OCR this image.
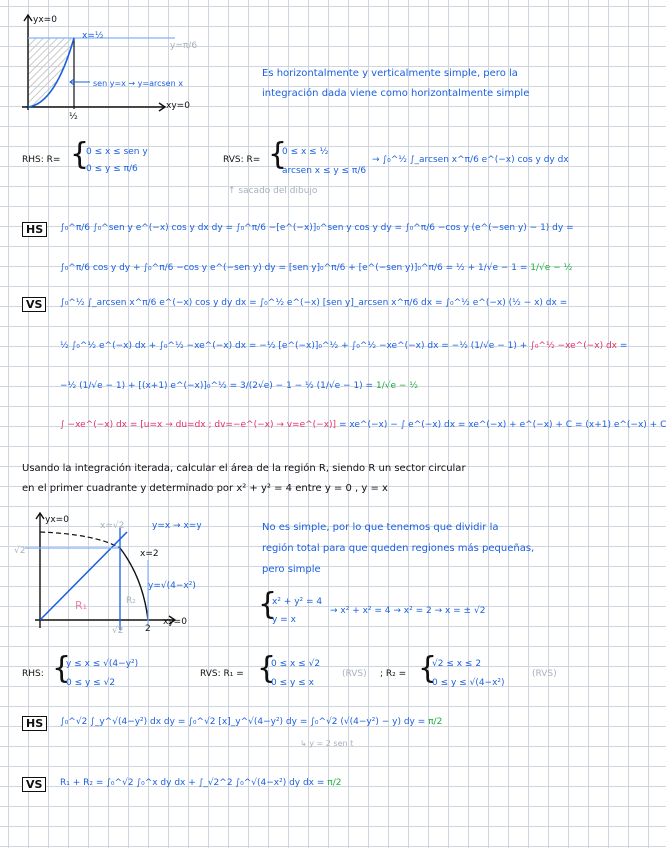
yx=0
x=½
y=π/6
sen y=x → y=arcsen x
xy=0
½
Es horizontalmente y verticalmente simple, pero la
integración dada viene como horizontalmente simple
RHS: R= {
0 ≤ x ≤ sen y
0 ≤ y ≤ π/6
RVS: R= {
0 ≤ x ≤ ½
arcsen x ≤ y ≤ π/6
→ ∫₀^½ ∫_arcsen x^π/6 e^(−x) cos y dy dx
↑ sacado del dibujo
HS	∫₀^π/6 ∫₀^sen y e^(−x) cos y dx dy = ∫₀^π/6 −[e^(−x)]₀^sen y cos y dy = ∫₀^π/6 −cos y (e^(−sen y) − 1) dy =
∫₀^π/6 cos y dy + ∫₀^π/6 −cos y e^(−sen y) dy = [sen y]₀^π/6 + [e^(−sen y)]₀^π/6 = ½ + 1/√e − 1 = 1/√e − ½
VS	∫₀^½ ∫_arcsen x^π/6 e^(−x) cos y dy dx = ∫₀^½ e^(−x) [sen y]_arcsen x^π/6 dx = ∫₀^½ e^(−x) (½ − x) dx =
½ ∫₀^½ e^(−x) dx + ∫₀^½ −xe^(−x) dx = −½ [e^(−x)]₀^½ + ∫₀^½ −xe^(−x) dx = −½ (1/√e − 1) + ∫₀^½ −xe^(−x) dx =
−½ (1/√e − 1) + [(x+1) e^(−x)]₀^½ = 3/(2√e) − 1 − ½ (1/√e − 1) = 1/√e − ½
∫ −xe^(−x) dx = [u=x → du=dx ; dv=−e^(−x) → v=e^(−x)] = xe^(−x) − ∫ e^(−x) dx = xe^(−x) + e^(−x) + C = (x+1) e^(−x) + C
Usando la integración iterada, calcular el área de la región R, siendo R un sector circular
en el primer cuadrante y determinado por x² + y² = 4 entre y = 0 , y = x
yx=0
x=√2	y=x → x=y
x=2
y=√(4−x²)
√2
√2 2
xy=0
R₁	R₂
No es simple, por lo que tenemos que dividir la
región total para que queden regiones más pequeñas,
pero simple
{
x² + y² = 4
y = x
→ x² + x² = 4 → x² = 2 → x = ± √2
RHS: {
y ≤ x ≤ √(4−y²)
0 ≤ y ≤ √2
RVS: R₁ = {
0 ≤ x ≤ √2
0 ≤ y ≤ x
(RVS) ; R₂ = {
√2 ≤ x ≤ 2
0 ≤ y ≤ √(4−x²)
(RVS)
HS	∫₀^√2 ∫_y^√(4−y²) dx dy = ∫₀^√2 [x]_y^√(4−y²) dy = ∫₀^√2 (√(4−y²) − y) dy = π/2
↳ y = 2 sen t
VS	R₁ + R₂ = ∫₀^√2 ∫₀^x dy dx + ∫_√2^2 ∫₀^√(4−x²) dy dx = π/2
